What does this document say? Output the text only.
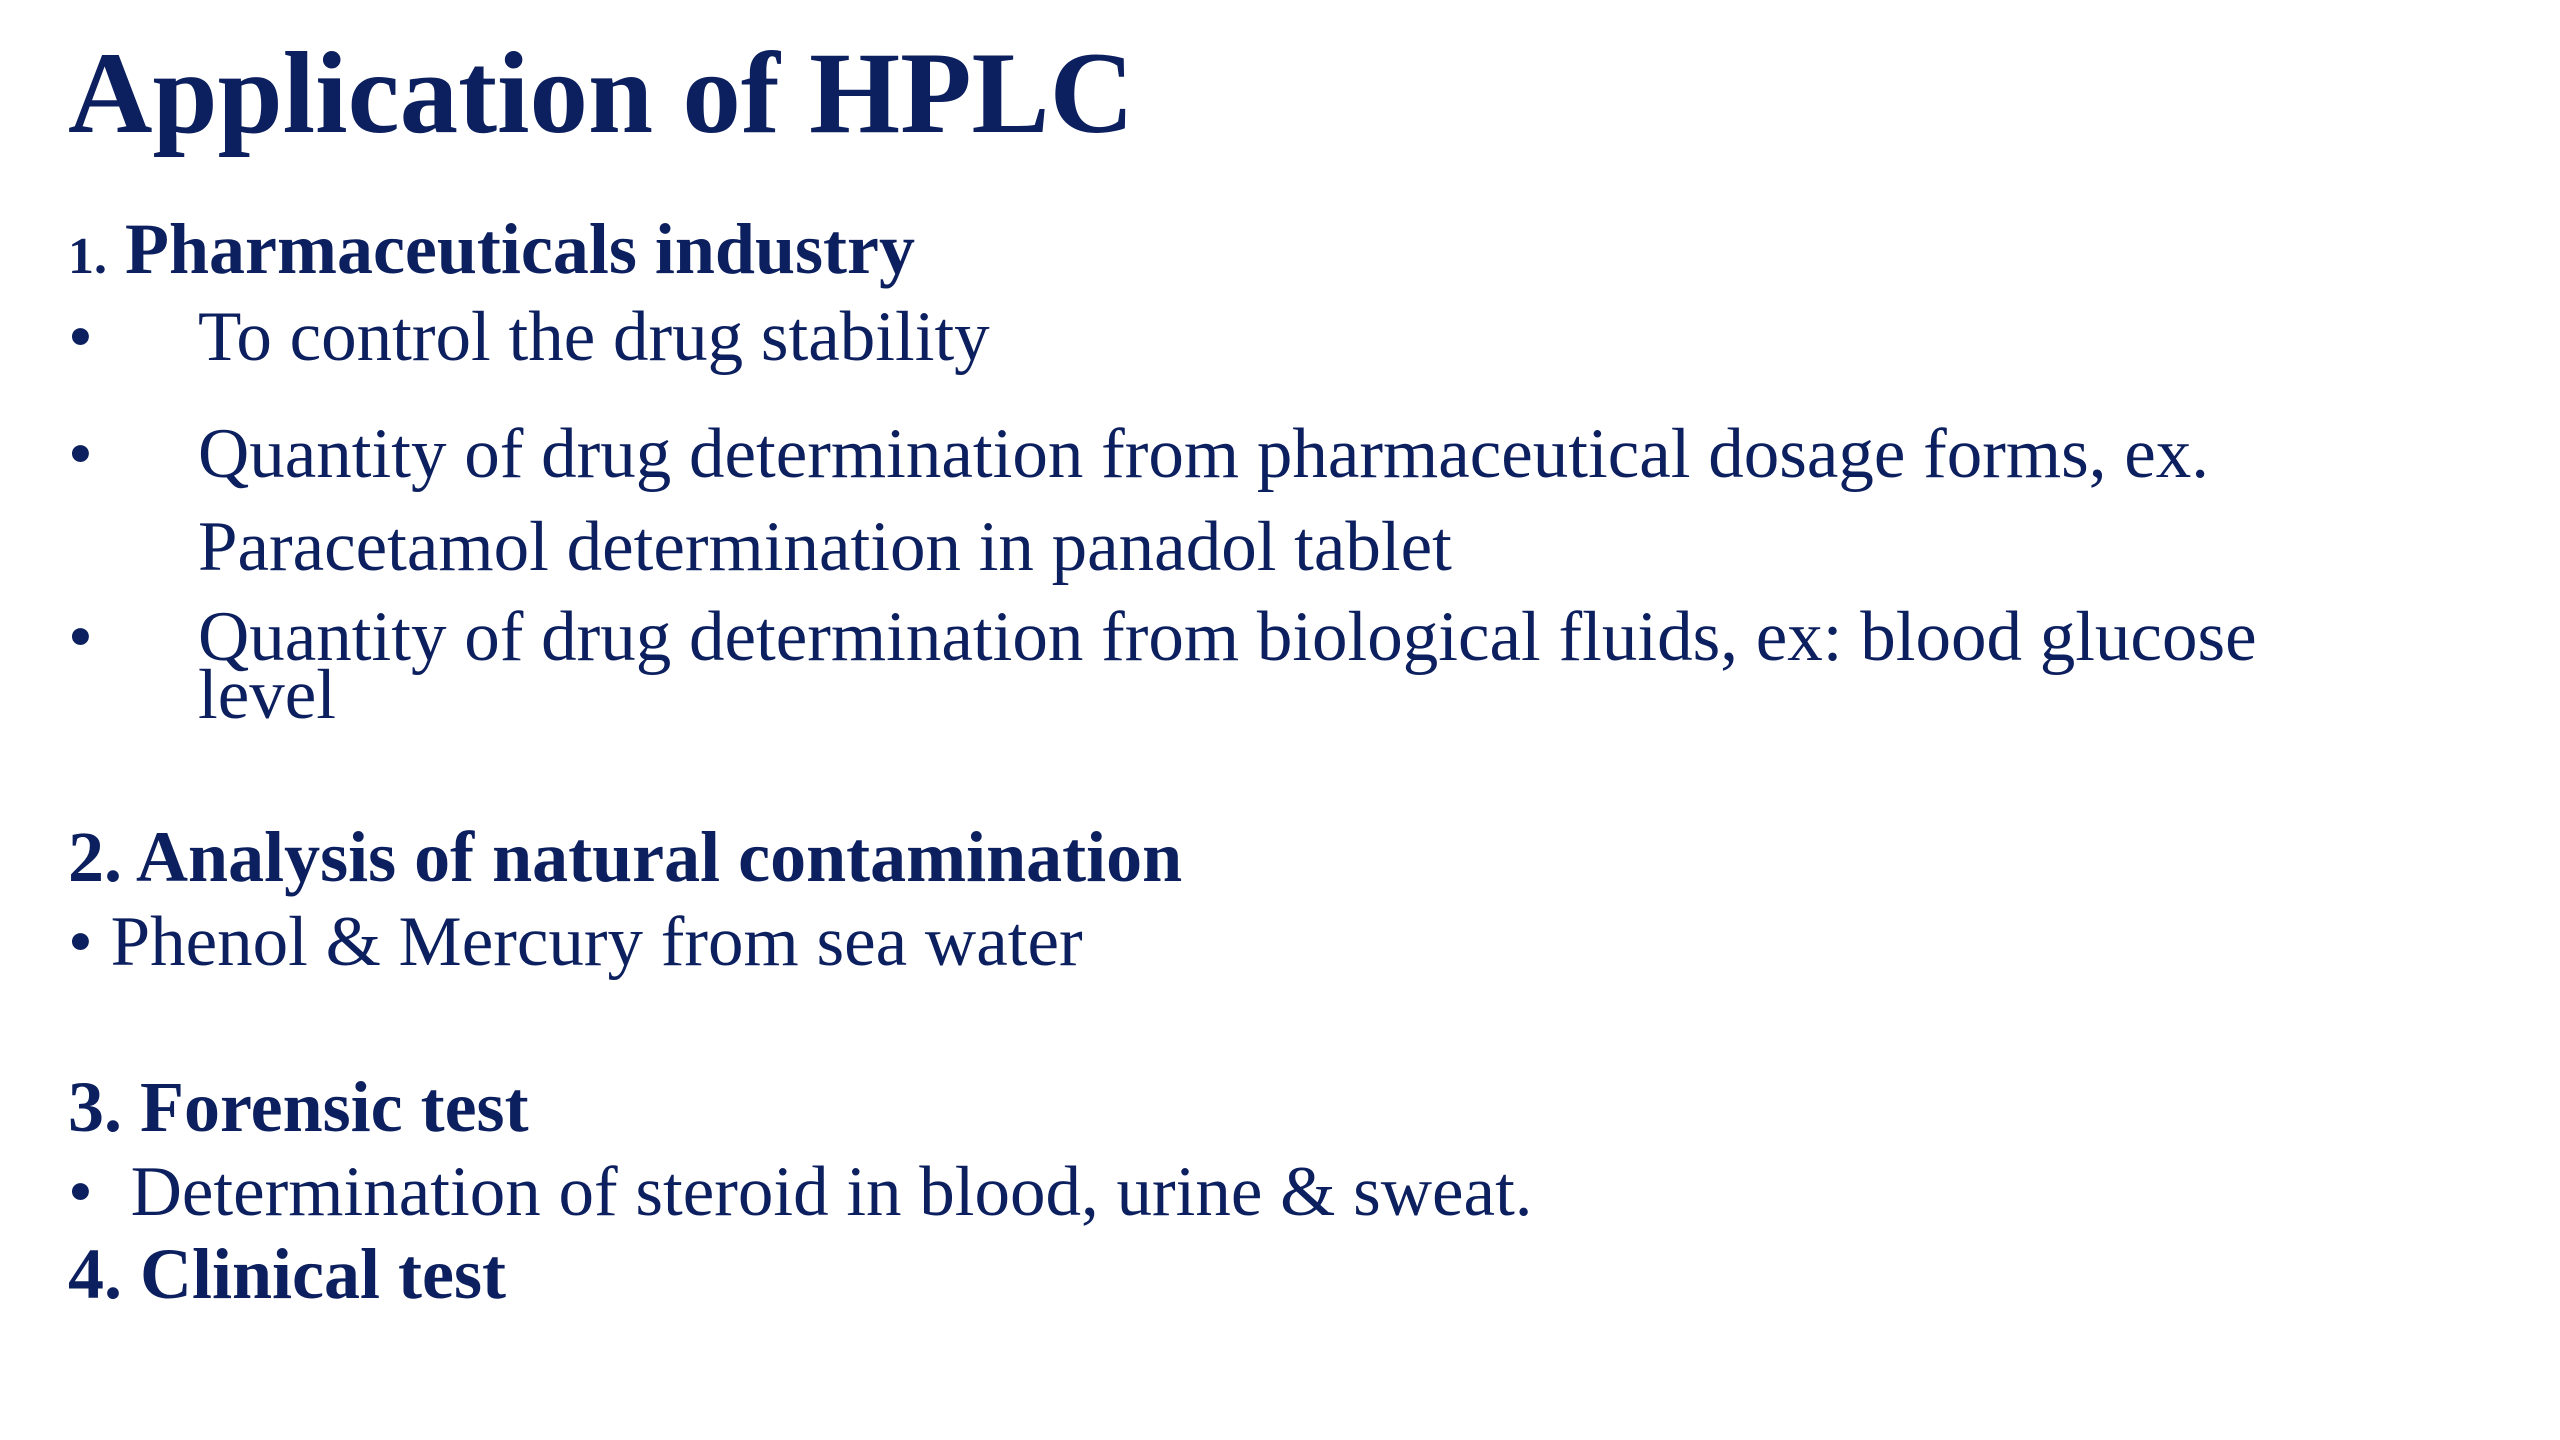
Application of HPLC
1. Pharmaceuticals industry
• To control the drug stability
• Quantity of drug determination from pharmaceutical dosage forms, ex.
Paracetamol determination in panadol tablet
• Quantity of drug determination from biological fluids, ex: blood glucose
level
2. Analysis of natural contamination
• Phenol & Mercury from sea water
3. Forensic test
• Determination of steroid in blood, urine & sweat.
4. Clinical test
